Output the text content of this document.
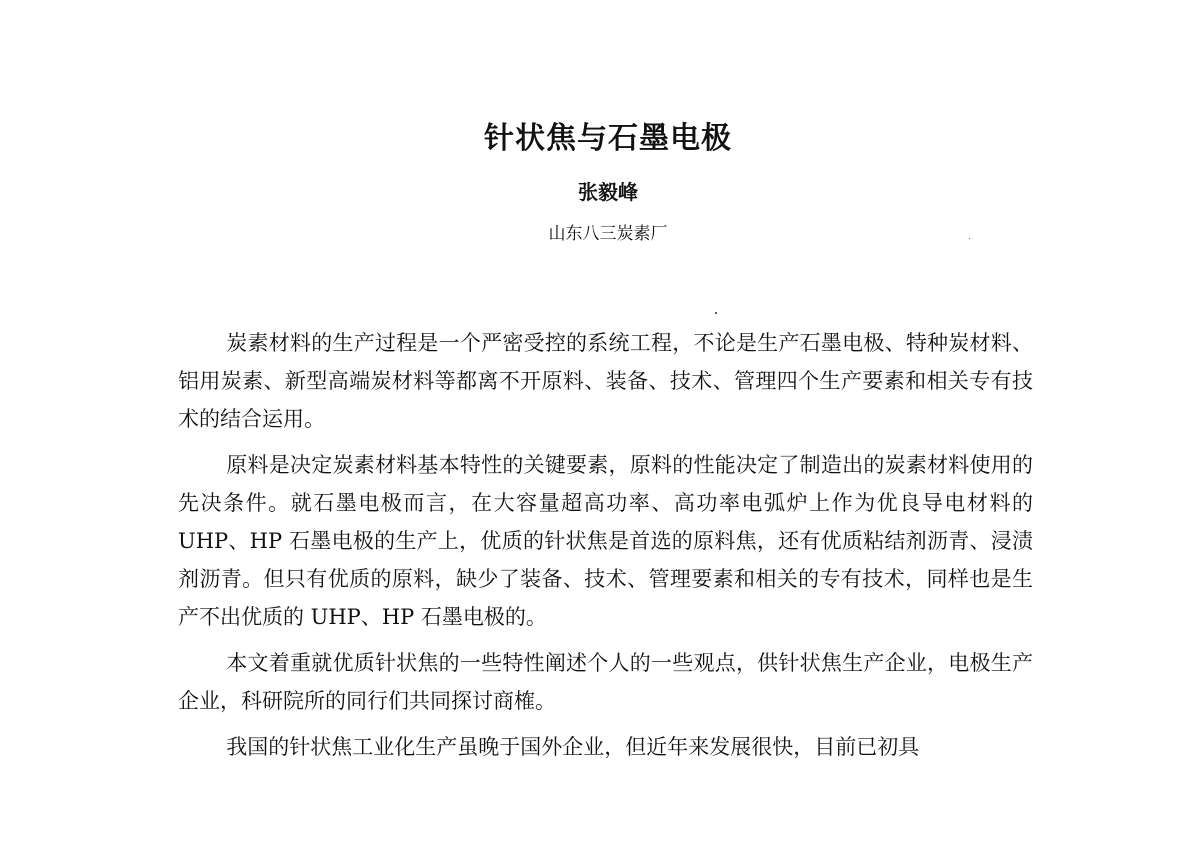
针状焦与石墨电极
张毅峰
山东八三炭素厂

炭素材料的生产过程是一个严密受控的系统工程，不论是生产石墨电极、特种炭材料、铝用炭素、新型高端炭材料等都离不开原料、装备、技术、管理四个生产要素和相关专有技术的结合运用。

原料是决定炭素材料基本特性的关键要素，原料的性能决定了制造出的炭素材料使用的先决条件。就石墨电极而言，在大容量超高功率、高功率电弧炉上作为优良导电材料的 UHP、HP 石墨电极的生产上，优质的针状焦是首选的原料焦，还有优质粘结剂沥青、浸渍剂沥青。但只有优质的原料，缺少了装备、技术、管理要素和相关的专有技术，同样也是生产不出优质的 UHP、HP 石墨电极的。

本文着重就优质针状焦的一些特性阐述个人的一些观点，供针状焦生产企业，电极生产企业，科研院所的同行们共同探讨商榷。

我国的针状焦工业化生产虽晚于国外企业，但近年来发展很快，目前已初具
